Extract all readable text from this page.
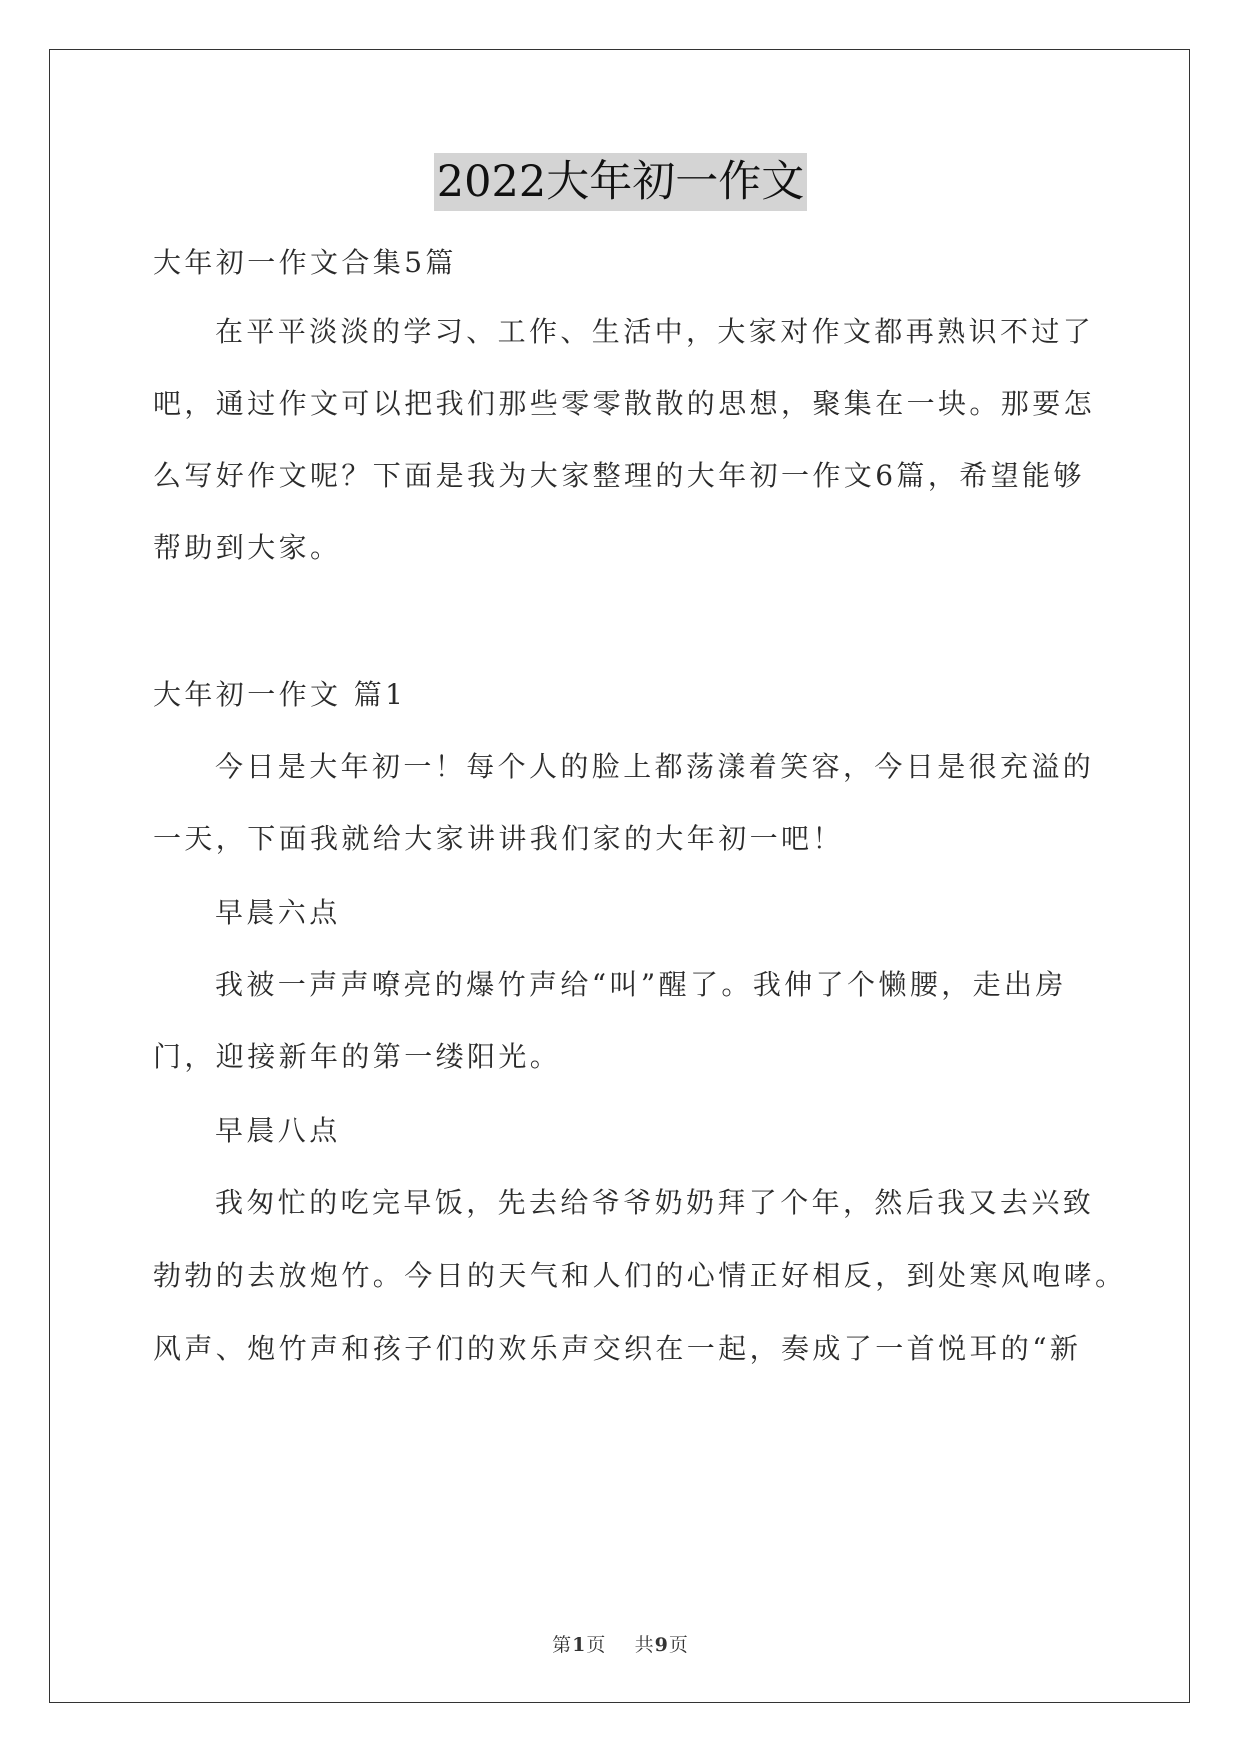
2022大年初一作文
大年初一作文合集5篇
在平平淡淡的学习、工作、生活中，大家对作文都再熟识不过了
吧，通过作文可以把我们那些零零散散的思想，聚集在一块。那要怎
么写好作文呢？下面是我为大家整理的大年初一作文6篇，希望能够
帮助到大家。
大年初一作文 篇1
今日是大年初一！每个人的脸上都荡漾着笑容，今日是很充溢的
一天，下面我就给大家讲讲我们家的大年初一吧！
早晨六点
我被一声声嘹亮的爆竹声给“叫”醒了。我伸了个懒腰，走出房
门，迎接新年的第一缕阳光。
早晨八点
我匆忙的吃完早饭，先去给爷爷奶奶拜了个年，然后我又去兴致
勃勃的去放炮竹。今日的天气和人们的心情正好相反，到处寒风咆哮。
风声、炮竹声和孩子们的欢乐声交织在一起，奏成了一首悦耳的“新
第1页 共9页
